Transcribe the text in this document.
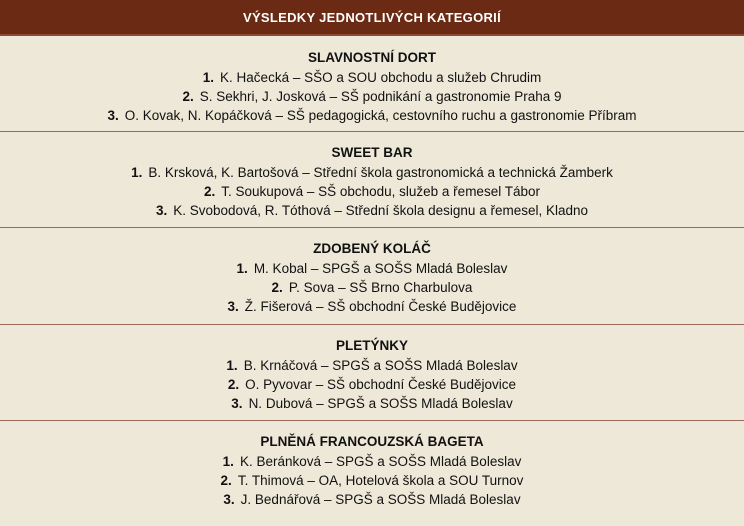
VÝSLEDKY JEDNOTLIVÝCH KATEGORIÍ
SLAVNOSTNÍ DORT
1. K. Hačecká – SŠO a SOU obchodu a služeb Chrudim
2. S. Sekhri, J. Josková – SŠ podnikání a gastronomie Praha 9
3. O. Kovak, N. Kopáčková – SŠ pedagogická, cestovního ruchu a gastronomie Příbram
SWEET BAR
1. B. Krsková, K. Bartošová – Střední škola gastronomická a technická Žamberk
2. T. Soukupová – SŠ obchodu, služeb a řemesel Tábor
3. K. Svobodová, R. Tóthová – Střední škola designu a řemesel, Kladno
ZDOBENÝ KOLÁČ
1. M. Kobal – SPGŠ a SOŠS Mladá Boleslav
2. P. Sova – SŠ Brno Charbulova
3. Ž. Fišerová – SŠ obchodní České Budějovice
PLETÝNKY
1. B. Krnáčová – SPGŠ a SOŠS Mladá Boleslav
2. O. Pyvovar – SŠ obchodní České Budějovice
3. N. Dubová – SPGŠ a SOŠS Mladá Boleslav
PLNĚNÁ FRANCOUZSKÁ BAGETA
1. K. Beránková – SPGŠ a SOŠS Mladá Boleslav
2. T. Thimová – OA, Hotelová škola a SOU Turnov
3. J. Bednářová – SPGŠ a SOŠS Mladá Boleslav
